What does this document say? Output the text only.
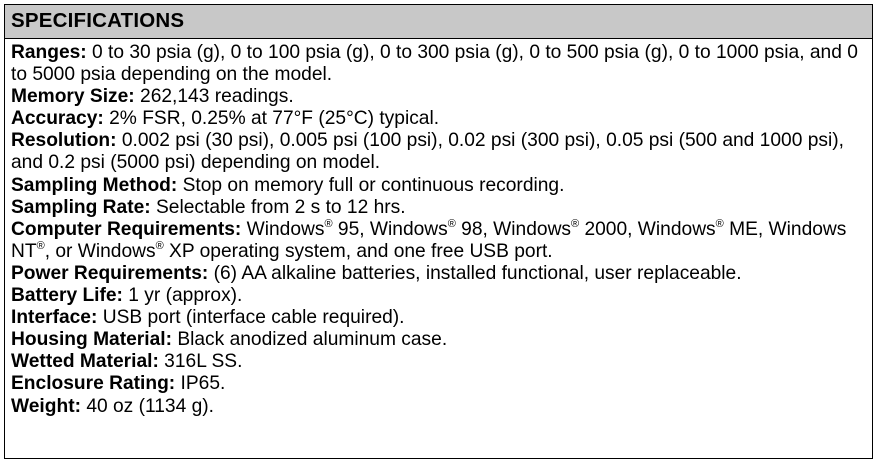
SPECIFICATIONS

Ranges: 0 to 30 psia (g), 0 to 100 psia (g), 0 to 300 psia (g), 0 to 500 psia (g), 0 to 1000 psia, and 0 to 5000 psia depending on the model.

Memory Size: 262,143 readings.

Accuracy: 2% FSR, 0.25% at 77°F (25°C) typical.

Resolution: 0.002 psi (30 psi), 0.005 psi (100 psi), 0.02 psi (300 psi), 0.05 psi (500 and 1000 psi), and 0.2 psi (5000 psi) depending on model.

Sampling Method: Stop on memory full or continuous recording.

Sampling Rate: Selectable from 2 s to 12 hrs.

Computer Requirements: Windows® 95, Windows® 98, Windows® 2000, Windows® ME, Windows NT®, or Windows® XP operating system, and one free USB port.

Power Requirements: (6) AA alkaline batteries, installed functional, user replaceable.

Battery Life: 1 yr (approx).

Interface: USB port (interface cable required).

Housing Material: Black anodized aluminum case.

Wetted Material: 316L SS.

Enclosure Rating: IP65.

Weight: 40 oz (1134 g).
